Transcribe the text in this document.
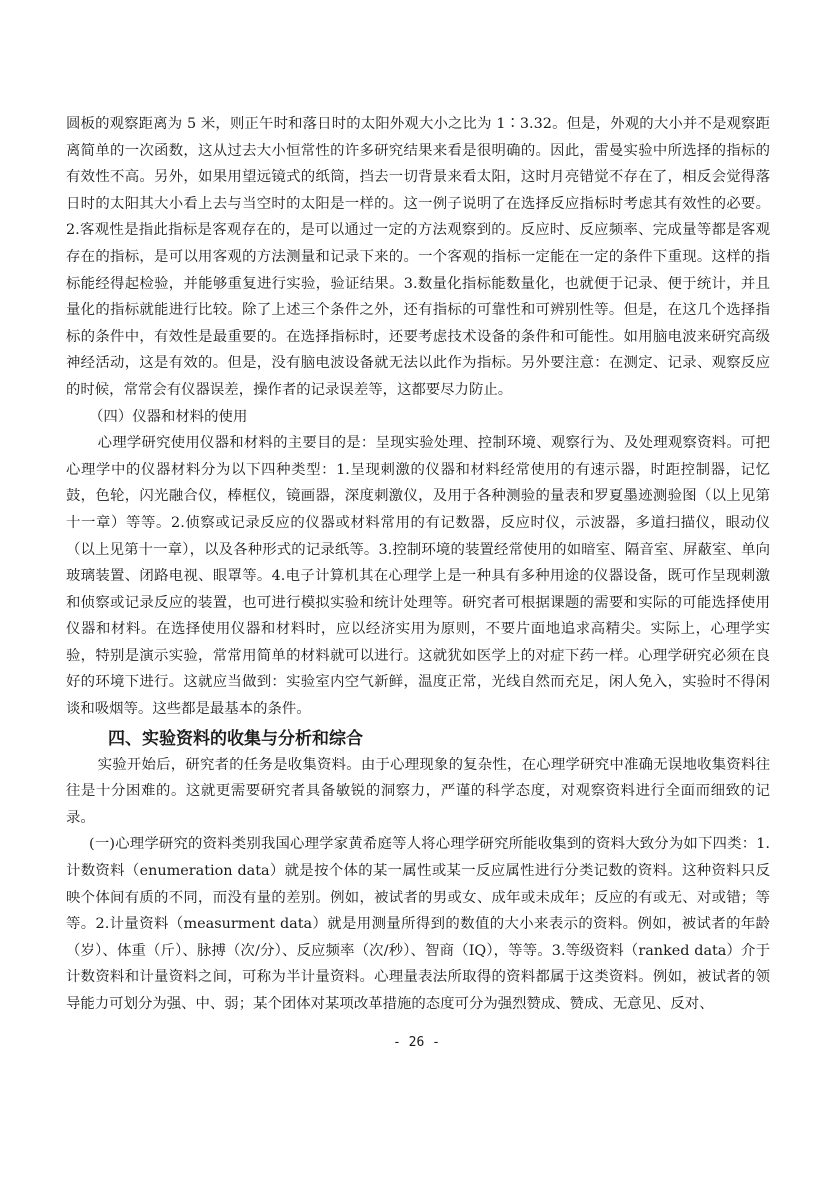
圆板的观察距离为 5 米，则正午时和落日时的太阳外观大小之比为 1∶3.32。但是，外观的大小并不是观察距离简单的一次函数，这从过去大小恒常性的许多研究结果来看是很明确的。因此，雷曼实验中所选择的指标的有效性不高。另外，如果用望远镜式的纸筒，挡去一切背景来看太阳，这时月亮错觉不存在了，相反会觉得落日时的太阳其大小看上去与当空时的太阳是一样的。这一例子说明了在选择反应指标时考虑其有效性的必要。2.客观性是指此指标是客观存在的，是可以通过一定的方法观察到的。反应时、反应频率、完成量等都是客观存在的指标，是可以用客观的方法测量和记录下来的。一个客观的指标一定能在一定的条件下重现。这样的指标能经得起检验，并能够重复进行实验，验证结果。3.数量化指标能数量化，也就便于记录、便于统计，并且量化的指标就能进行比较。除了上述三个条件之外，还有指标的可靠性和可辨别性等。但是，在这几个选择指标的条件中，有效性是最重要的。在选择指标时，还要考虑技术设备的条件和可能性。如用脑电波来研究高级神经活动，这是有效的。但是，没有脑电波设备就无法以此作为指标。另外要注意：在测定、记录、观察反应的时候，常常会有仪器误差，操作者的记录误差等，这都要尽力防止。

（四）仪器和材料的使用

心理学研究使用仪器和材料的主要目的是：呈现实验处理、控制环境、观察行为、及处理观察资料。可把心理学中的仪器材料分为以下四种类型：1.呈现刺激的仪器和材料经常使用的有速示器，时距控制器，记忆鼓，色轮，闪光融合仪，棒框仪，镜画器，深度刺激仪，及用于各种测验的量表和罗夏墨迹测验图（以上见第十一章）等等。2.侦察或记录反应的仪器或材料常用的有记数器，反应时仪，示波器，多道扫描仪，眼动仪（以上见第十一章），以及各种形式的记录纸等。3.控制环境的装置经常使用的如暗室、隔音室、屏蔽室、单向玻璃装置、闭路电视、眼罩等。4.电子计算机其在心理学上是一种具有多种用途的仪器设备，既可作呈现刺激和侦察或记录反应的装置，也可进行模拟实验和统计处理等。研究者可根据课题的需要和实际的可能选择使用仪器和材料。在选择使用仪器和材料时，应以经济实用为原则，不要片面地追求高精尖。实际上，心理学实验，特别是演示实验，常常用简单的材料就可以进行。这就犹如医学上的对症下药一样。心理学研究必须在良好的环境下进行。这就应当做到：实验室内空气新鲜，温度正常，光线自然而充足，闲人免入，实验时不得闲谈和吸烟等。这些都是最基本的条件。

四、实验资料的收集与分析和综合

实验开始后，研究者的任务是收集资料。由于心理现象的复杂性，在心理学研究中准确无误地收集资料往往是十分困难的。这就更需要研究者具备敏锐的洞察力，严谨的科学态度，对观察资料进行全面而细致的记录。

(一)心理学研究的资料类别我国心理学家黄希庭等人将心理学研究所能收集到的资料大致分为如下四类：1.计数资料（enumeration data）就是按个体的某一属性或某一反应属性进行分类记数的资料。这种资料只反映个体间有质的不同，而没有量的差别。例如，被试者的男或女、成年或未成年；反应的有或无、对或错；等等。2.计量资料（measurment data）就是用测量所得到的数值的大小来表示的资料。例如，被试者的年龄（岁）、体重（斤）、脉搏（次/分）、反应频率（次/秒）、智商（IQ），等等。3.等级资料（ranked data）介于计数资料和计量资料之间，可称为半计量资料。心理量表法所取得的资料都属于这类资料。例如，被试者的领导能力可划分为强、中、弱；某个团体对某项改革措施的态度可分为强烈赞成、赞成、无意见、反对、

- 26 -
